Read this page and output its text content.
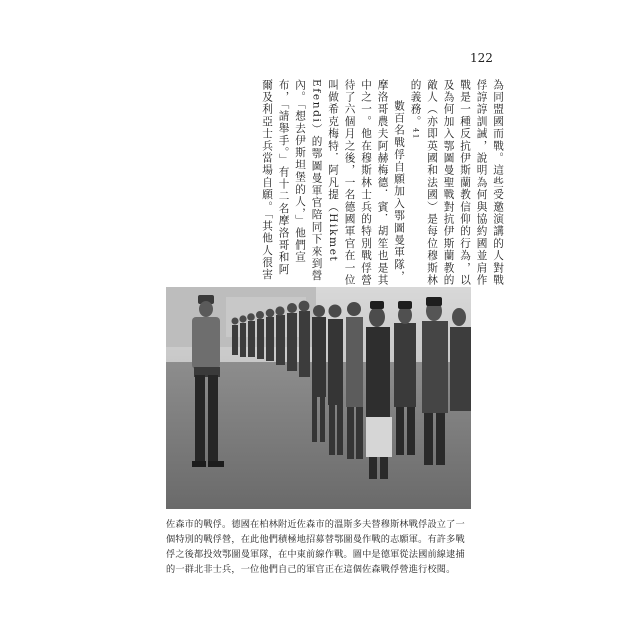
122

為同盟國而戰。這些受邀演講的人對戰俘諄諄訓誡，說明為何與協約國並肩作戰是一種反抗伊斯蘭教信仰的行為，以及為何加入鄂圖曼聖戰對抗伊斯蘭教的敵人（亦即英國和法國）是每位穆斯林的義務。41

數百名戰俘自願加入鄂圖曼軍隊，摩洛哥農夫阿赫梅德．賓．胡笙也是其中之一。他在穆斯林士兵的特別戰俘營待了六個月之後，一名德國軍官在一位叫做希克梅特．阿凡提（Hikmet Efendi）的鄂圖曼軍官陪同下來到營內。「想去伊斯坦堡的人，」他們宣布，「請舉手。」有十二名摩洛哥和阿爾及利亞士兵當場自願。「其他人很害

佐森市的戰俘。德國在柏林附近佐森市的溫斯多夫替穆斯林戰俘設立了一個特別的戰俘營，在此他們積極地招募替鄂圖曼作戰的志願軍。有許多戰俘之後都投效鄂圖曼軍隊，在中東前線作戰。圖中是德軍從法國前線逮捕的一群北非士兵，一位他們自己的軍官正在這個佐森戰俘營進行校閱。
